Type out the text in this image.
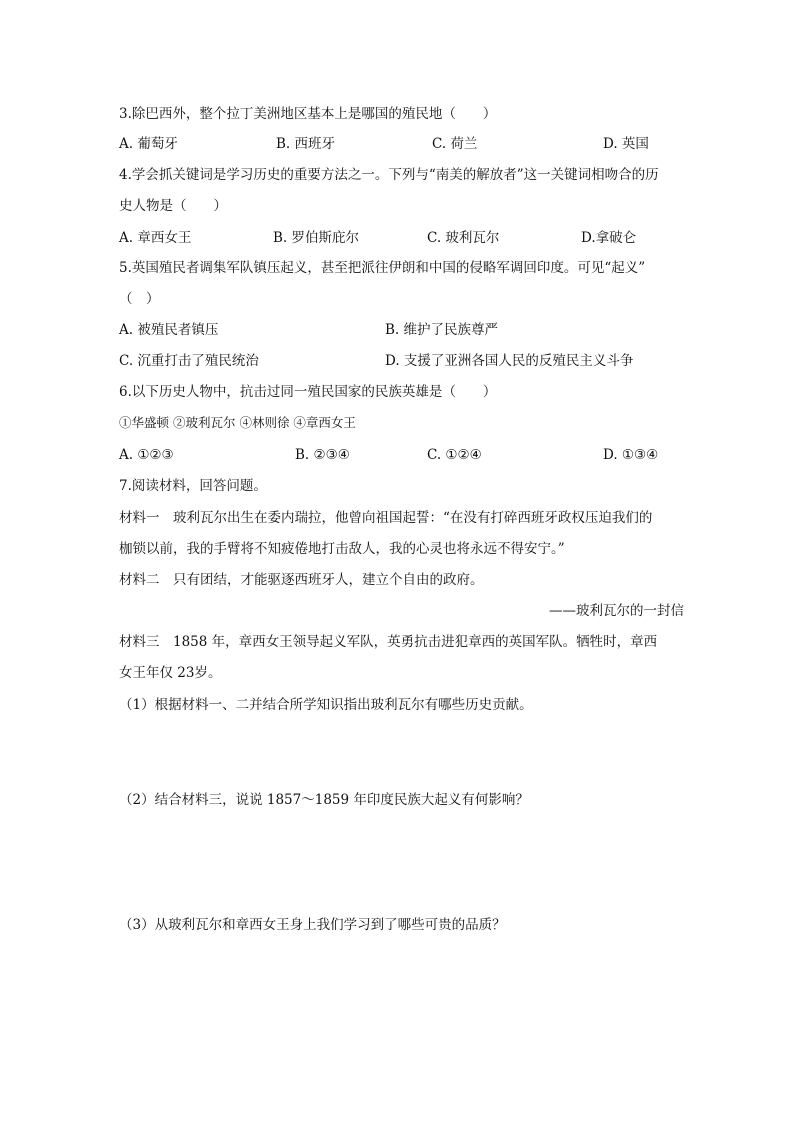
3.除巴西外，整个拉丁美洲地区基本上是哪国的殖民地（　　）
A. 葡萄牙	B. 西班牙	C. 荷兰	D. 英国
4.学会抓关键词是学习历史的重要方法之一。下列与“南美的解放者”这一关键词相吻合的历
史人物是（　　）
A. 章西女王	B. 罗伯斯庇尔	C. 玻利瓦尔	D.拿破仑
5.英国殖民者调集军队镇压起义，甚至把派往伊朗和中国的侵略军调回印度。可见“起义”
（　）
A. 被殖民者镇压	B. 维护了民族尊严
C. 沉重打击了殖民统治	D. 支援了亚洲各国人民的反殖民主义斗争
6.以下历史人物中，抗击过同一殖民国家的民族英雄是（　　）
①华盛顿 ②玻利瓦尔 ④林则徐 ④章西女王
A. ①②③	B. ②③④	C. ①②④	D. ①③④
7.阅读材料，回答问题。
材料一　玻利瓦尔出生在委内瑞拉，他曾向祖国起誓：“在没有打碎西班牙政权压迫我们的
枷锁以前，我的手臂将不知疲倦地打击敌人，我的心灵也将永远不得安宁。”
材料二　只有团结，才能驱逐西班牙人，建立个自由的政府。
——玻利瓦尔的一封信
材料三　1858 年，章西女王领导起义军队，英勇抗击进犯章西的英国军队。牺牲时，章西
女王年仅 23岁。
（1）根据材料一、二并结合所学知识指出玻利瓦尔有哪些历史贡献。
（2）结合材料三，说说 1857～1859 年印度民族大起义有何影响？
（3）从玻利瓦尔和章西女王身上我们学习到了哪些可贵的品质？
